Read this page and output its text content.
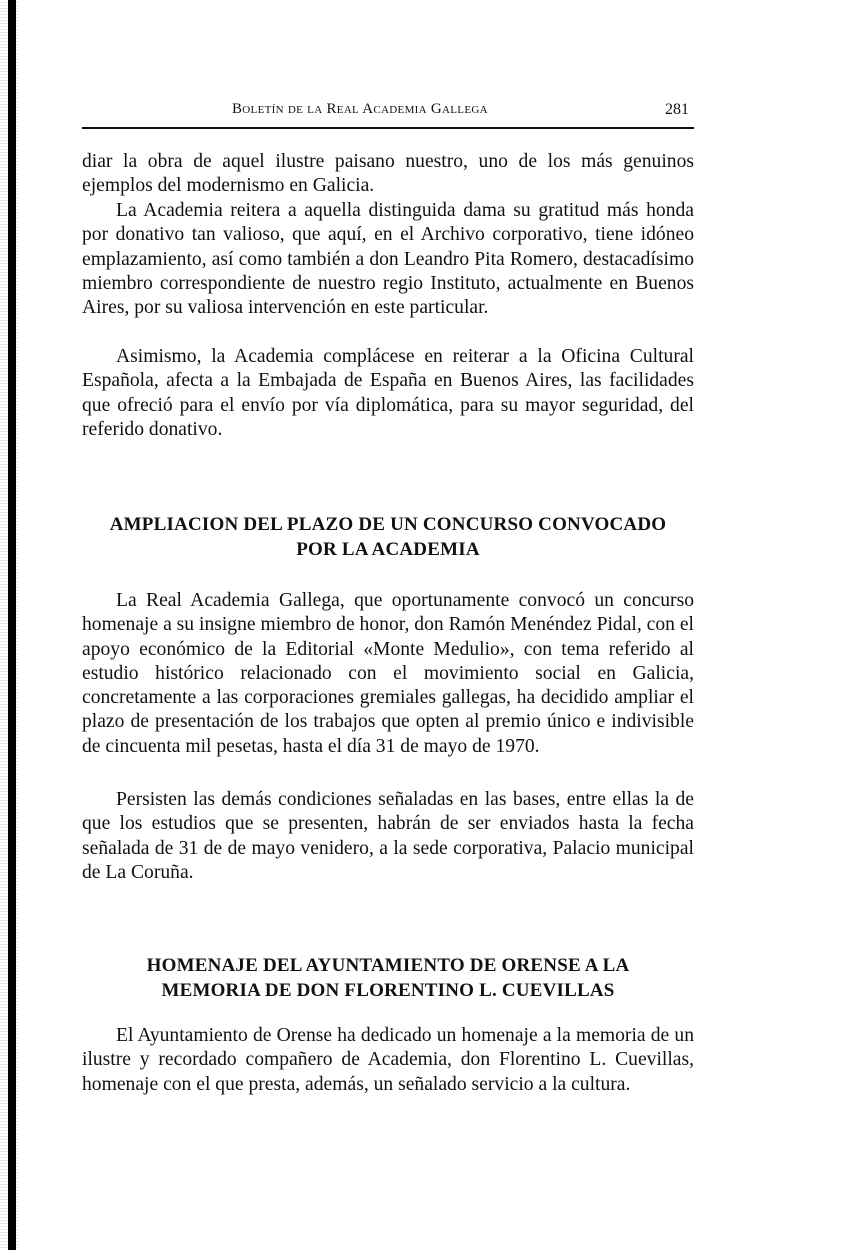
Boletín de la Real Academia Gallega	281

diar la obra de aquel ilustre paisano nuestro, uno de los más genuinos ejemplos del modernismo en Galicia.

La Academia reitera a aquella distinguida dama su gratitud más honda por donativo tan valioso, que aquí, en el Archivo corporativo, tiene idóneo emplazamiento, así como también a don Leandro Pita Romero, destacadísimo miembro correspondiente de nuestro regio Instituto, actualmente en Buenos Aires, por su valiosa intervención en este particular.

Asimismo, la Academia complácese en reiterar a la Oficina Cultural Española, afecta a la Embajada de España en Buenos Aires, las facilidades que ofreció para el envío por vía diplomática, para su mayor seguridad, del referido donativo.

AMPLIACION DEL PLAZO DE UN CONCURSO CONVOCADO
POR LA ACADEMIA

La Real Academia Gallega, que oportunamente convocó un concurso homenaje a su insigne miembro de honor, don Ramón Menéndez Pidal, con el apoyo económico de la Editorial «Monte Medulio», con tema referido al estudio histórico relacionado con el movimiento social en Galicia, concretamente a las corporaciones gremiales gallegas, ha decidido ampliar el plazo de presentación de los trabajos que opten al premio único e indivisible de cincuenta mil pesetas, hasta el día 31 de mayo de 1970.

Persisten las demás condiciones señaladas en las bases, entre ellas la de que los estudios que se presenten, habrán de ser enviados hasta la fecha señalada de 31 de de mayo venidero, a la sede corporativa, Palacio municipal de La Coruña.

HOMENAJE DEL AYUNTAMIENTO DE ORENSE A LA
MEMORIA DE DON FLORENTINO L. CUEVILLAS

El Ayuntamiento de Orense ha dedicado un homenaje a la memoria de un ilustre y recordado compañero de Academia, don Florentino L. Cuevillas, homenaje con el que presta, además, un señalado servicio a la cultura.
